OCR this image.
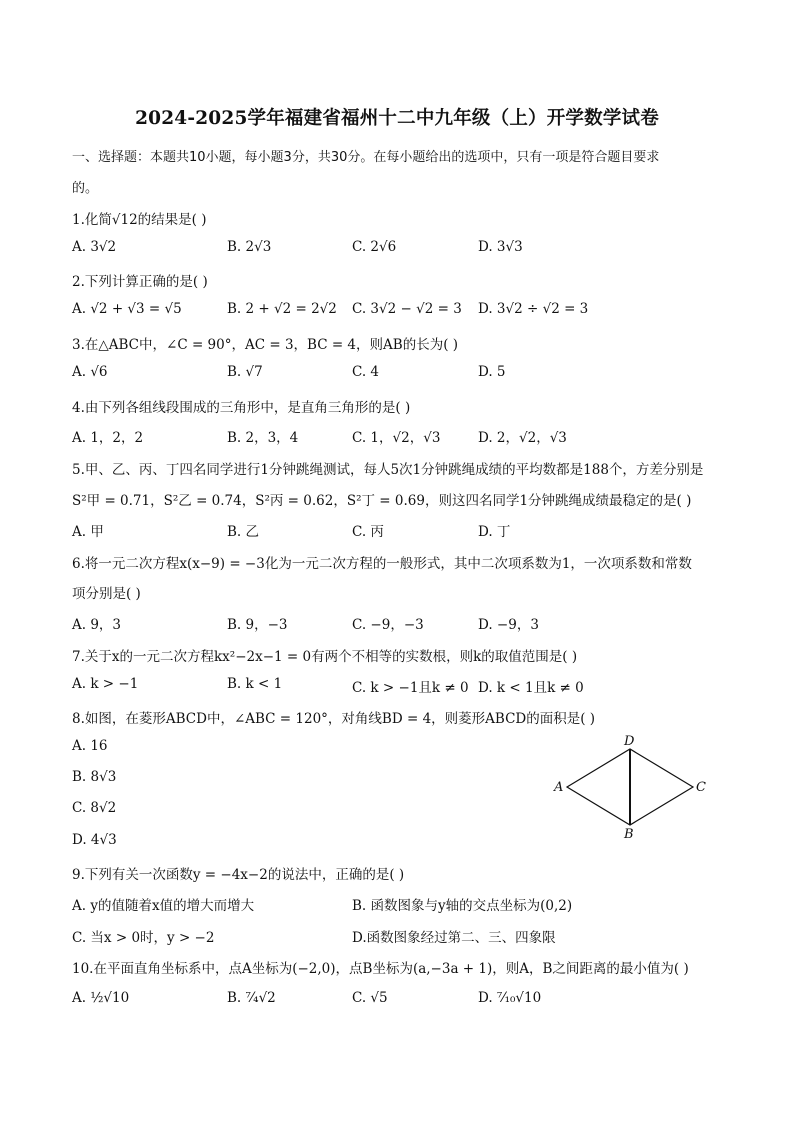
2024-2025学年福建省福州十二中九年级（上）开学数学试卷
一、选择题：本题共10小题，每小题3分，共30分。在每小题给出的选项中，只有一项是符合题目要求
的。
1.化简√12的结果是( )
A. 3√2	B. 2√3	C. 2√6	D. 3√3
2.下列计算正确的是( )
A. √2 + √3 = √5	B. 2 + √2 = 2√2 C. 3√2 − √2 = 3 D. 3√2 ÷ √2 = 3
3.在△ABC中，∠C = 90°，AC = 3，BC = 4，则AB的长为( )
A. √6	B. √7	C. 4	D. 5
4.由下列各组线段围成的三角形中，是直角三角形的是( )
A. 1，2，2	B. 2，3，4	C. 1，√2，√3	D. 2，√2，√3
5.甲、乙、丙、丁四名同学进行1分钟跳绳测试，每人5次1分钟跳绳成绩的平均数都是188个，方差分别是
S²甲 = 0.71，S²乙 = 0.74，S²丙 = 0.62，S²丁 = 0.69，则这四名同学1分钟跳绳成绩最稳定的是( )
A. 甲	B. 乙	C. 丙	D. 丁
6.将一元二次方程x(x−9) = −3化为一元二次方程的一般形式，其中二次项系数为1，一次项系数和常数
项分别是( )
A. 9，3	B. 9，−3	C. −9，−3	D. −9，3
7.关于x的一元二次方程kx²−2x−1 = 0有两个不相等的实数根，则k的取值范围是( )
A. k > −1	B. k < 1	C. k > −1且k ≠ 0 D. k < 1且k ≠ 0
8.如图，在菱形ABCD中，∠ABC = 120°，对角线BD = 4，则菱形ABCD的面积是( )
A. 16
B. 8√3
C. 8√2
D. 4√3
A
B
C
D
9.下列有关一次函数y = −4x−2的说法中，正确的是( )
A. y的值随着x值的增大而增大	B. 函数图象与y轴的交点坐标为(0,2)
C. 当x > 0时，y > −2	D.函数图象经过第二、三、四象限
10.在平面直角坐标系中，点A坐标为(−2,0)，点B坐标为(a,−3a + 1)，则A，B之间距离的最小值为( )
A. ½√10	B. ⁷⁄₄√2	C. √5	D. ⁷⁄₁₀√10
